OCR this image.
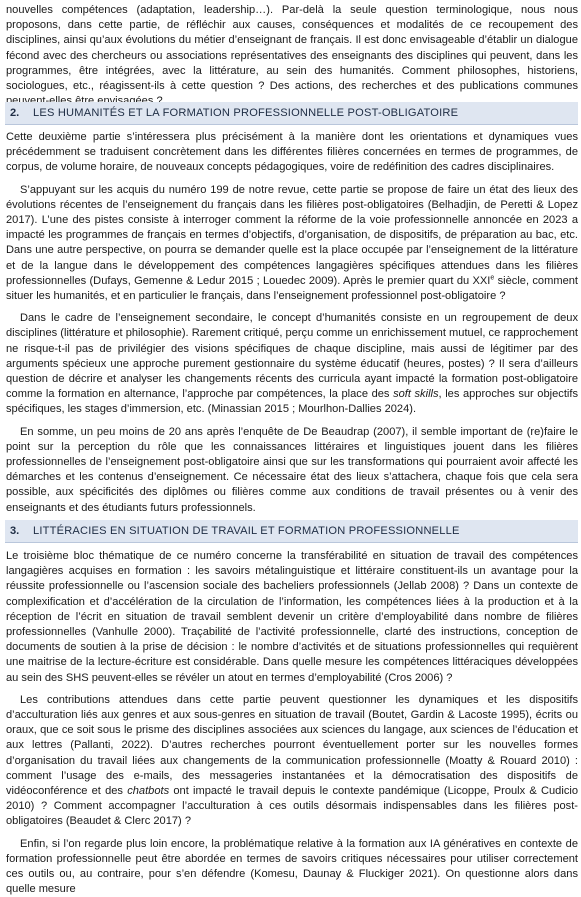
nouvelles compétences (adaptation, leadership…). Par-delà la seule question terminologique, nous nous proposons, dans cette partie, de réfléchir aux causes, conséquences et modalités de ce recoupement des disciplines, ainsi qu’aux évolutions du métier d’enseignant de français. Il est donc envisageable d’établir un dialogue fécond avec des chercheurs ou associations représentatives des enseignants des disciplines qui peuvent, dans les programmes, être intégrées, avec la littérature, au sein des humanités. Comment philosophes, historiens, sociologues, etc., réagissent-ils à cette question ? Des actions, des recherches et des publications communes

2. LES HUMANITÉS ET LA FORMATION PROFESSIONNELLE POST-OBLIGATOIRE

Cette deuxième partie s’intéressera plus précisément à la manière dont les orientations et dynamiques vues précédemment se traduisent concrètement dans les différentes filières concernées en termes de programmes, de corpus, de volume horaire, de nouveaux concepts pédagogiques, voire de redéfinition des cadres disciplinaires.

S’appuyant sur les acquis du numéro 199 de notre revue, cette partie se propose de faire un état des lieux des évolutions récentes de l’enseignement du français dans les filières post-obligatoires (Belhadjin, de Peretti & Lopez 2017). L’une des pistes consiste à interroger comment la réforme de la voie professionnelle annoncée en 2023 a impacté les programmes de français en termes d’objectifs, d’organisation, de dispositifs, de préparation au bac, etc. Dans une autre perspective, on pourra se demander quelle est la place occupée par l’enseignement de la littérature et de la langue dans le développement des compétences langagières spécifiques attendues dans les filières professionnelles (Dufays, Gemenne & Ledur 2015 ; Louedec 2009). Après le premier quart du XXIe siècle, comment situer les humanités, et en particulier le français, dans l’enseignement professionnel post-obligatoire ?

Dans le cadre de l’enseignement secondaire, le concept d’humanités consiste en un regroupement de deux disciplines (littérature et philosophie). Rarement critiqué, perçu comme un enrichissement mutuel, ce rapprochement ne risque-t-il pas de privilégier des visions spécifiques de chaque discipline, mais aussi de légitimer par des arguments spécieux une approche purement gestionnaire du système éducatif (heures, postes) ? Il sera d’ailleurs question de décrire et analyser les changements récents des curricula ayant impacté la formation post-obligatoire comme la formation en alternance, l’approche par compétences, la place des soft skills, les approches sur objectifs spécifiques, les stages d’immersion, etc. (Minassian 2015 ; Mourlhon-Dallies 2024).

En somme, un peu moins de 20 ans après l’enquête de De Beaudrap (2007), il semble important de (re)faire le point sur la perception du rôle que les connaissances littéraires et linguistiques jouent dans les filières professionnelles de l’enseignement post-obligatoire ainsi que sur les transformations qui pourraient avoir affecté les démarches et les contenus d’enseignement. Ce nécessaire état des lieux s’attachera, chaque fois que cela sera possible, aux spécificités des diplômes ou filières comme aux conditions de travail présentes ou à venir des enseignants et des étudiants futurs professionnels.

3. LITTÉRACIES EN SITUATION DE TRAVAIL ET FORMATION PROFESSIONNELLE

Le troisième bloc thématique de ce numéro concerne la transférabilité en situation de travail des compétences langagières acquises en formation : les savoirs métalinguistique et littéraire constituent-ils un avantage pour la réussite professionnelle ou l’ascension sociale des bacheliers professionnels (Jellab 2008) ? Dans un contexte de complexification et d’accélération de la circulation de l’information, les compétences liées à la production et à la réception de l’écrit en situation de travail semblent devenir un critère d’employabilité dans nombre de filières professionnelles (Vanhulle 2000). Traçabilité de l’activité professionnelle, clarté des instructions, conception de documents de soutien à la prise de décision : le nombre d’activités et de situations professionnelles qui requièrent une maitrise de la lecture-écriture est considérable. Dans quelle mesure les compétences littéraciques développées au sein des SHS peuvent-elles se révéler un atout en termes d’employabilité (Cros 2006) ?

Les contributions attendues dans cette partie peuvent questionner les dynamiques et les dispositifs d’acculturation liés aux genres et aux sous-genres en situation de travail (Boutet, Gardin & Lacoste 1995), écrits ou oraux, que ce soit sous le prisme des disciplines associées aux sciences du langage, aux sciences de l’éducation et aux lettres (Pallanti, 2022). D’autres recherches pourront éventuellement porter sur les nouvelles formes d’organisation du travail liées aux changements de la communication professionnelle (Moatty & Rouard 2010) : comment l’usage des e-mails, des messageries instantanées et la démocratisation des dispositifs de vidéoconférence et des chatbots ont impacté le travail depuis le contexte pandémique (Licoppe, Proulx & Cudicio 2010) ? Comment accompagner l’acculturation à ces outils désormais indispensables dans les filières post-obligatoires (Beaudet & Clerc 2017) ?

Enfin, si l’on regarde plus loin encore, la problématique relative à la formation aux IA génératives en contexte de formation professionnelle peut être abordée en termes de savoirs critiques nécessaires pour utiliser correctement ces outils ou, au contraire, pour s’en défendre (Komesu, Daunay & Fluckiger 2021). On questionne alors dans quelle mesure
